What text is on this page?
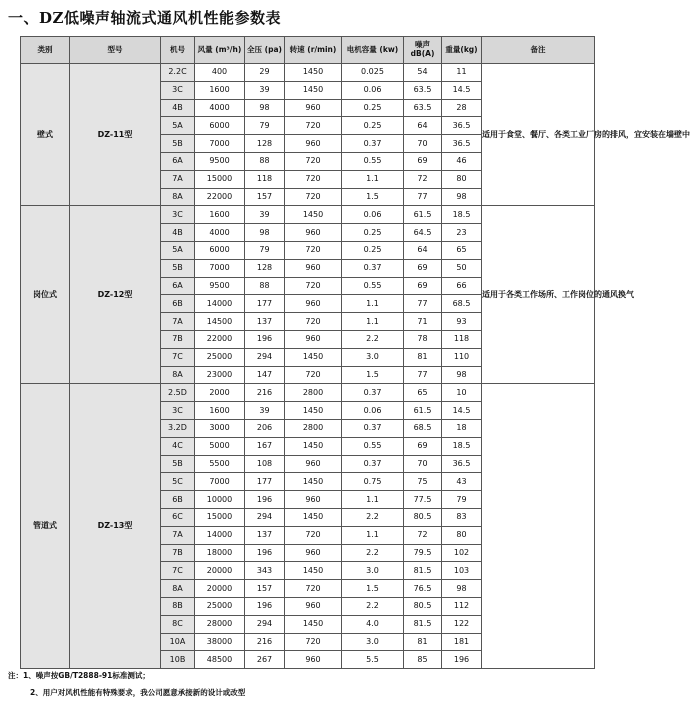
一、DZ低噪声轴流式通风机性能参数表
类别	型号	机号	风量 (m³/h)	全压 (pa)	转速 (r/min)	电机容量 (kw)	噪声 dB(A)	重量(kg)	备注
壁式	DZ-11型	2.2C	400	29	1450	0.025	54	11	适用于食堂、餐厅、各类工业厂房的排风，宜安装在墙壁中
		3C	1600	39	1450	0.06	63.5	14.5	
		4B	4000	98	960	0.25	63.5	28	
		5A	6000	79	720	0.25	64	36.5	
		5B	7000	128	960	0.37	70	36.5	
		6A	9500	88	720	0.55	69	46	
		7A	15000	118	720	1.1	72	80	
		8A	22000	157	720	1.5	77	98	
岗位式	DZ-12型	3C	1600	39	1450	0.06	61.5	18.5	适用于各类工作场所、工作岗位的通风换气
		4B	4000	98	960	0.25	64.5	23	
		5A	6000	79	720	0.25	64	65	
		5B	7000	128	960	0.37	69	50	
		6A	9500	88	720	0.55	69	66	
		6B	14000	177	960	1.1	77	68.5	
		7A	14500	137	720	1.1	71	93	
		7B	22000	196	960	2.2	78	118	
		7C	25000	294	1450	3.0	81	110	
		8A	23000	147	720	1.5	77	98	
管道式	DZ-13型	2.5D	2000	216	2800	0.37	65	10	
		3C	1600	39	1450	0.06	61.5	14.5	
		3.2D	3000	206	2800	0.37	68.5	18	
		4C	5000	167	1450	0.55	69	18.5	
		5B	5500	108	960	0.37	70	36.5	
		5C	7000	177	1450	0.75	75	43	
		6B	10000	196	960	1.1	77.5	79	
		6C	15000	294	1450	2.2	80.5	83	
		7A	14000	137	720	1.1	72	80	
		7B	18000	196	960	2.2	79.5	102	
		7C	20000	343	1450	3.0	81.5	103	
		8A	20000	157	720	1.5	76.5	98	
		8B	25000	196	960	2.2	80.5	112	
		8C	28000	294	1450	4.0	81.5	122	
		10A	38000	216	720	3.0	81	181	
		10B	48500	267	960	5.5	85	196	
注：1、噪声按GB/T2888-91标准测试；
2、用户对风机性能有特殊要求，我公司愿意承接新的设计或改型
